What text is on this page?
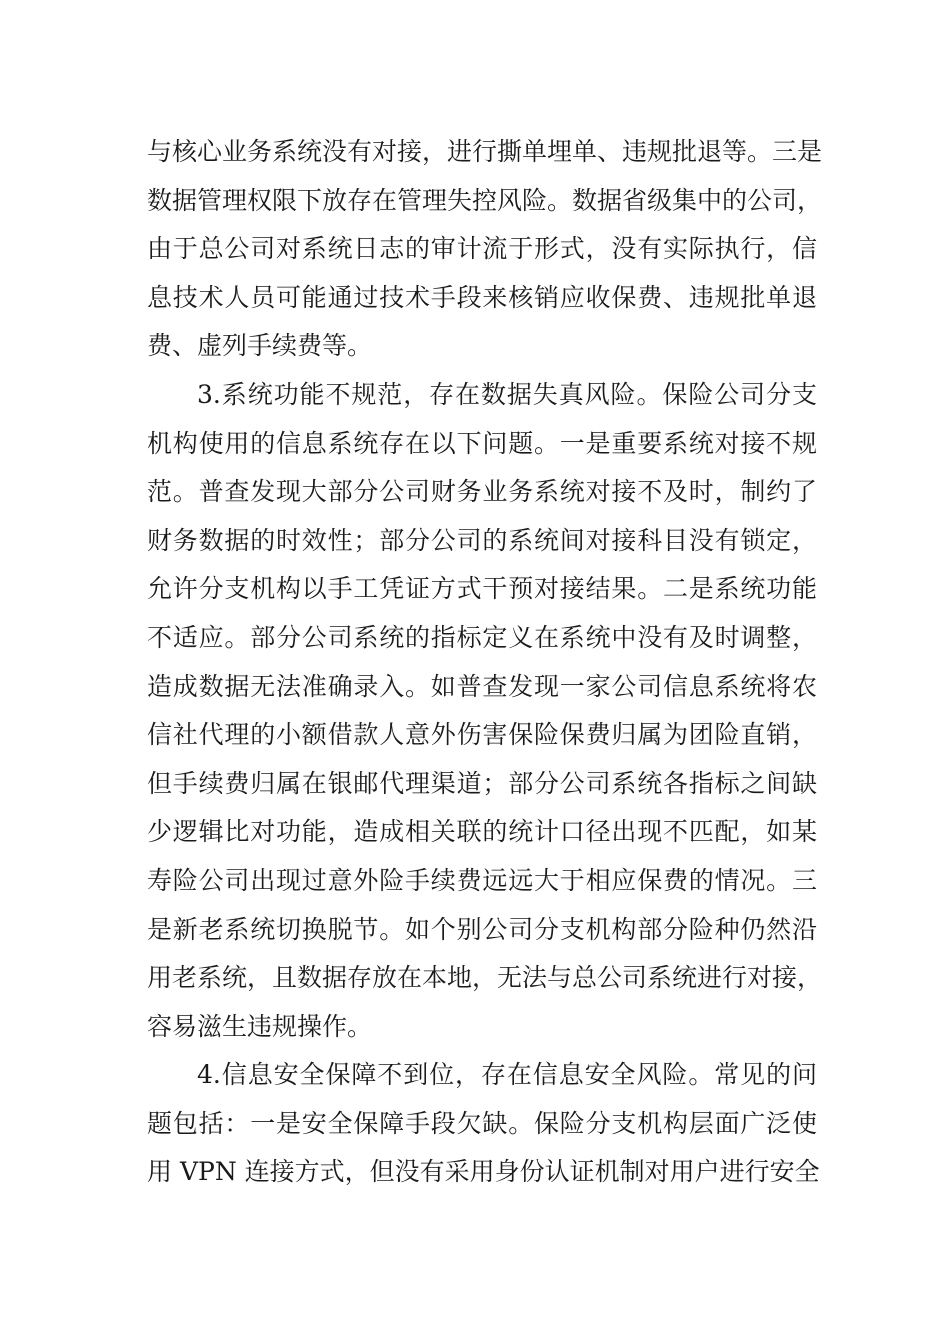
与核心业务系统没有对接，进行撕单埋单、违规批退等。三是
数据管理权限下放存在管理失控风险。数据省级集中的公司，
由于总公司对系统日志的审计流于形式，没有实际执行，信
息技术人员可能通过技术手段来核销应收保费、违规批单退
费、虚列手续费等。
3.系统功能不规范，存在数据失真风险。保险公司分支
机构使用的信息系统存在以下问题。一是重要系统对接不规
范。普查发现大部分公司财务业务系统对接不及时，制约了
财务数据的时效性；部分公司的系统间对接科目没有锁定，
允许分支机构以手工凭证方式干预对接结果。二是系统功能
不适应。部分公司系统的指标定义在系统中没有及时调整，
造成数据无法准确录入。如普查发现一家公司信息系统将农
信社代理的小额借款人意外伤害保险保费归属为团险直销，
但手续费归属在银邮代理渠道；部分公司系统各指标之间缺
少逻辑比对功能，造成相关联的统计口径出现不匹配，如某
寿险公司出现过意外险手续费远远大于相应保费的情况。三
是新老系统切换脱节。如个别公司分支机构部分险种仍然沿
用老系统，且数据存放在本地，无法与总公司系统进行对接，
容易滋生违规操作。
4.信息安全保障不到位，存在信息安全风险。常见的问
题包括：一是安全保障手段欠缺。保险分支机构层面广泛使
用 VPN 连接方式，但没有采用身份认证机制对用户进行安全
